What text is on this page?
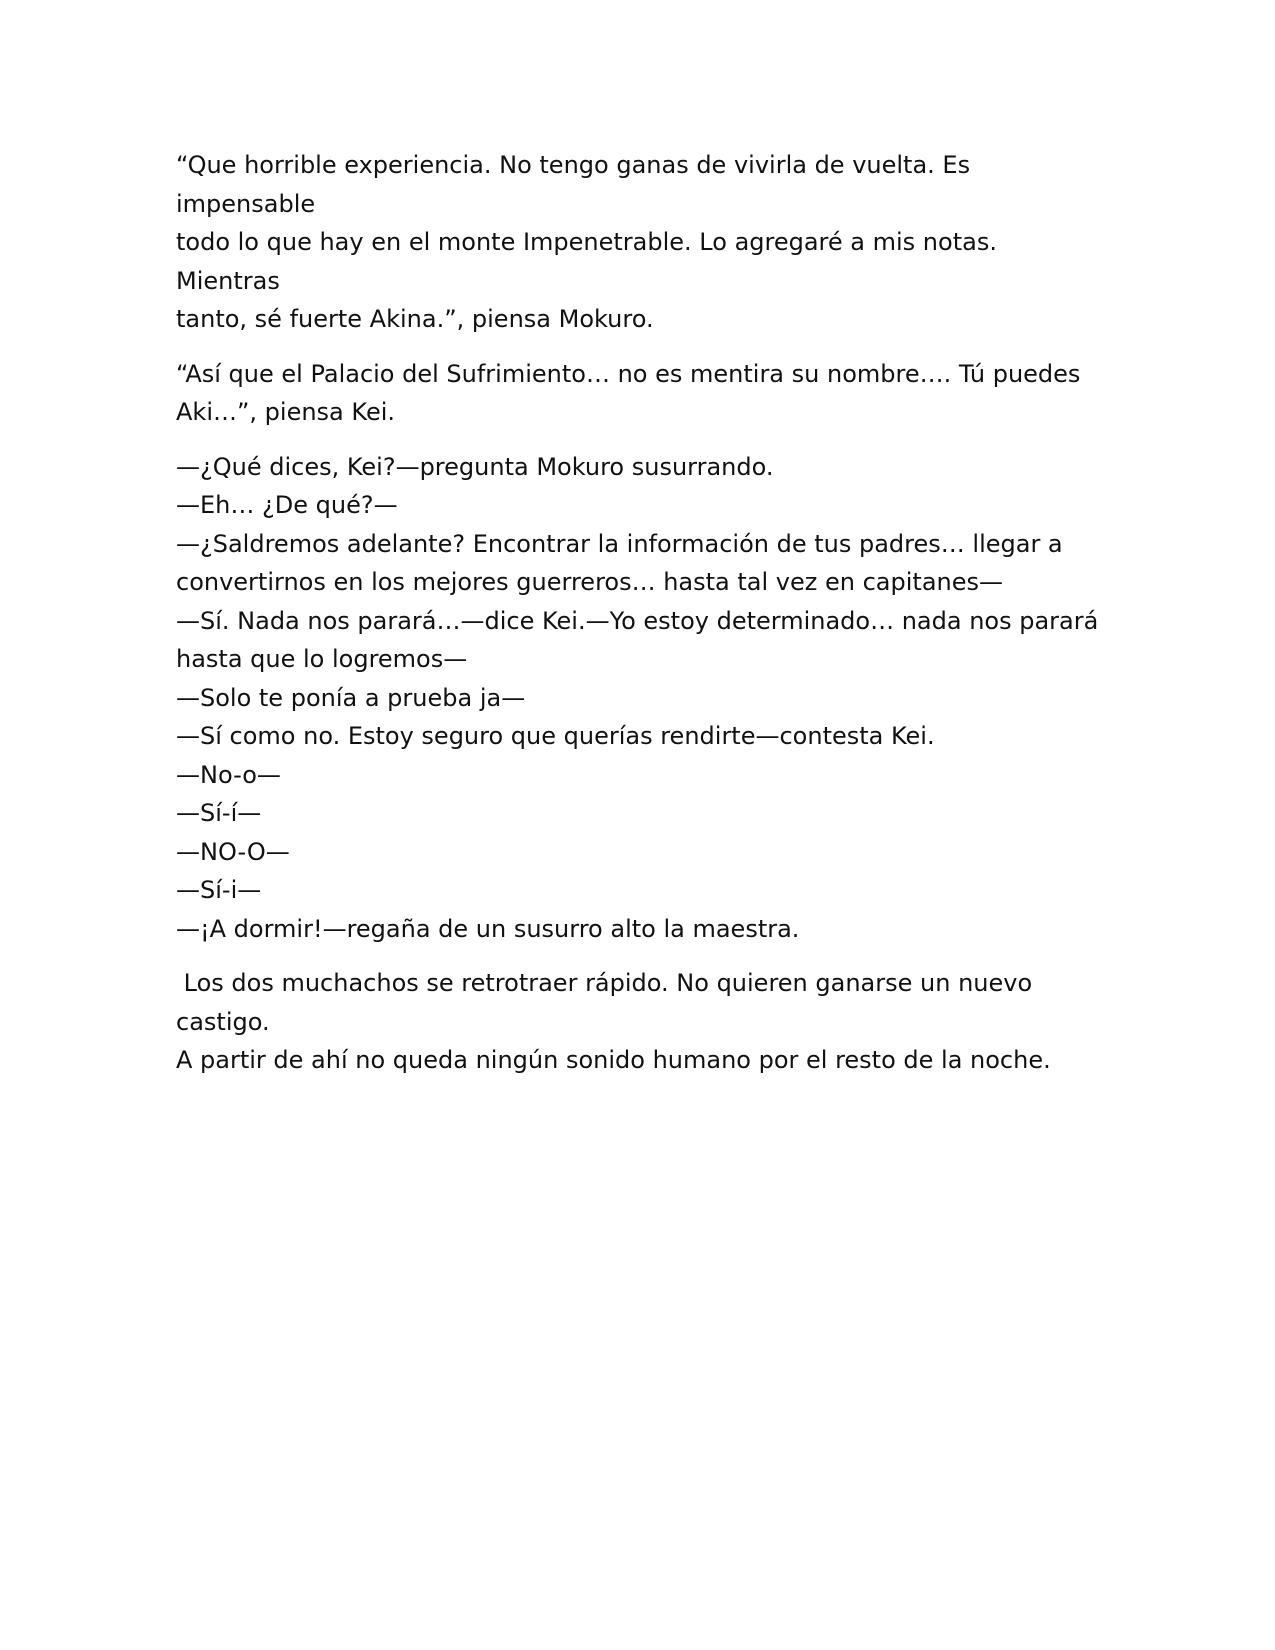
“Que horrible experiencia. No tengo ganas de vivirla de vuelta. Es impensable
todo lo que hay en el monte Impenetrable. Lo agregaré a mis notas. Mientras
tanto, sé fuerte Akina.”, piensa Mokuro.

“Así que el Palacio del Sufrimiento… no es mentira su nombre…. Tú puedes
Aki…”, piensa Kei.

—¿Qué dices, Kei?—pregunta Mokuro susurrando.
—Eh… ¿De qué?—
—¿Saldremos adelante? Encontrar la información de tus padres… llegar a
convertirnos en los mejores guerreros… hasta tal vez en capitanes—
—Sí. Nada nos parará…—dice Kei.—Yo estoy determinado… nada nos parará
hasta que lo logremos—
—Solo te ponía a prueba ja—
—Sí como no. Estoy seguro que querías rendirte—contesta Kei.
—No-o—
—Sí-í—
—NO-O—
—Sí-i—
—¡A dormir!—regaña de un susurro alto la maestra.

Los dos muchachos se retrotraer rápido. No quieren ganarse un nuevo castigo.
A partir de ahí no queda ningún sonido humano por el resto de la noche.
